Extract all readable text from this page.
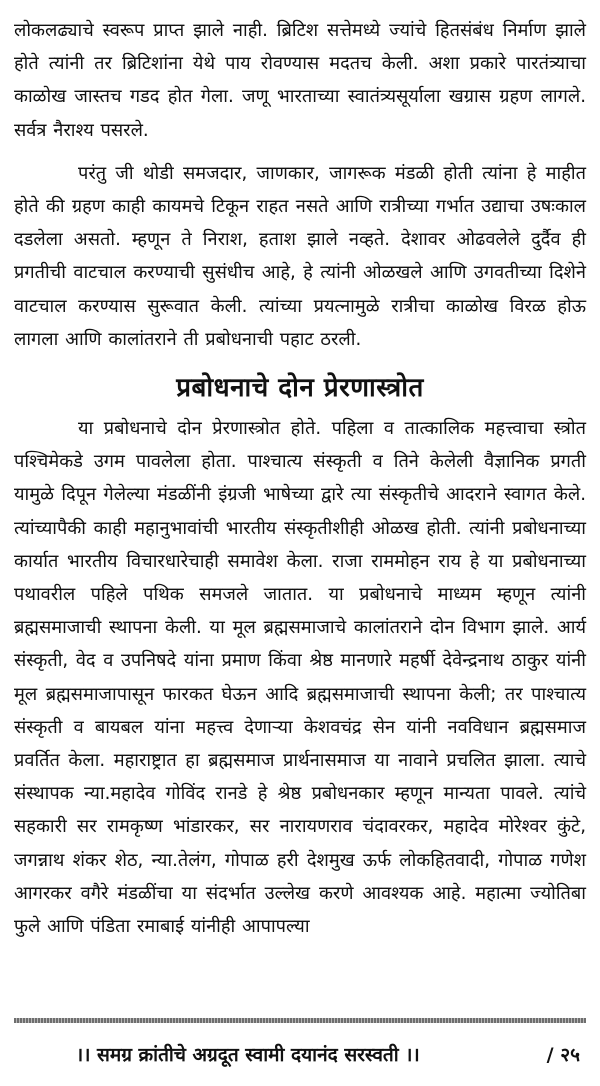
लोकलढ्याचे स्वरूप प्राप्त झाले नाही. ब्रिटिश सत्तेमध्ये ज्यांचे हितसंबंध निर्माण झाले होते त्यांनी तर ब्रिटिशांना येथे पाय रोवण्यास मदतच केली. अशा प्रकारे पारतंत्र्याचा काळोख जास्तच गडद होत गेला. जणू भारताच्या स्वातंत्र्यसूर्याला खग्रास ग्रहण लागले. सर्वत्र नैराश्य पसरले.

परंतु जी थोडी समजदार, जाणकार, जागरूक मंडळी होती त्यांना हे माहीत होते की ग्रहण काही कायमचे टिकून राहत नसते आणि रात्रीच्या गर्भात उद्याचा उषःकाल दडलेला असतो. म्हणून ते निराश, हताश झाले नव्हते. देशावर ओढवलेले दुर्दैव ही प्रगतीची वाटचाल करण्याची सुसंधीच आहे, हे त्यांनी ओळखले आणि उगवतीच्या दिशेने वाटचाल करण्यास सुरूवात केली. त्यांच्या प्रयत्नामुळे रात्रीचा काळोख विरळ होऊ लागला आणि कालांतराने ती प्रबोधनाची पहाट ठरली.

प्रबोधनाचे दोन प्रेरणास्त्रोत

या प्रबोधनाचे दोन प्रेरणास्त्रोत होते. पहिला व तात्कालिक महत्त्वाचा स्त्रोत पश्चिमेकडे उगम पावलेला होता. पाश्चात्य संस्कृती व तिने केलेली वैज्ञानिक प्रगती यामुळे दिपून गेलेल्या मंडळींनी इंग्रजी भाषेच्या द्वारे त्या संस्कृतीचे आदराने स्वागत केले. त्यांच्यापैकी काही महानुभावांची भारतीय संस्कृतीशीही ओळख होती. त्यांनी प्रबोधनाच्या कार्यात भारतीय विचारधारेचाही समावेश केला. राजा राममोहन राय हे या प्रबोधनाच्या पथावरील पहिले पथिक समजले जातात. या प्रबोधनाचे माध्यम म्हणून त्यांनी ब्रह्मसमाजाची स्थापना केली. या मूल ब्रह्मसमाजाचे कालांतराने दोन विभाग झाले. आर्य संस्कृती, वेद व उपनिषदे यांना प्रमाण किंवा श्रेष्ठ मानणारे महर्षी देवेन्द्रनाथ ठाकुर यांनी मूल ब्रह्मसमाजापासून फारकत घेऊन आदि ब्रह्मसमाजाची स्थापना केली; तर पाश्चात्य संस्कृती व बायबल यांना महत्त्व देणाऱ्या केशवचंद्र सेन यांनी नवविधान ब्रह्मसमाज प्रवर्तित केला. महाराष्ट्रात हा ब्रह्मसमाज प्रार्थनासमाज या नावाने प्रचलित झाला. त्याचे संस्थापक न्या.महादेव गोविंद रानडे हे श्रेष्ठ प्रबोधनकार म्हणून मान्यता पावले. त्यांचे सहकारी सर रामकृष्ण भांडारकर, सर नारायणराव चंदावरकर, महादेव मोरेश्वर कुंटे, जगन्नाथ शंकर शेठ, न्या.तेलंग, गोपाळ हरी देशमुख ऊर्फ लोकहितवादी, गोपाळ गणेश आगरकर वगैरे मंडळींचा या संदर्भात उल्लेख करणे आवश्यक आहे. महात्मा ज्योतिबा फुले आणि पंडिता रमाबाई यांनीही आपापल्या

।। समग्र क्रांतीचे अग्रदूत स्वामी दयानंद सरस्वती ।।	/ २५
